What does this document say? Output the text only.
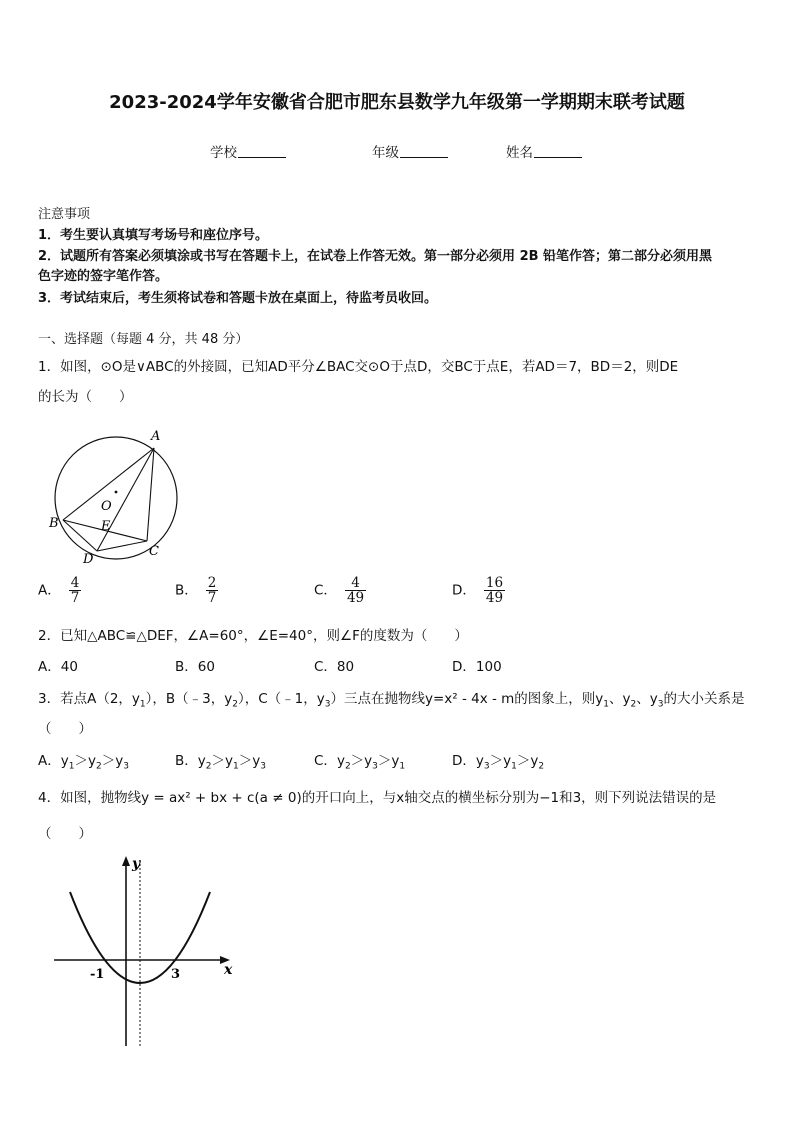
2023-2024学年安徽省合肥市肥东县数学九年级第一学期期末联考试题
学校	年级	姓名
注意事项
1．考生要认真填写考场号和座位序号。
2．试题所有答案必须填涂或书写在答题卡上，在试卷上作答无效。第一部分必须用 2B 铅笔作答；第二部分必须用黑
色字迹的签字笔作答。
3．考试结束后，考生须将试卷和答题卡放在桌面上，待监考员收回。
一、选择题（每题 4 分，共 48 分）
1．如图，⊙O是∨ABC的外接圆，已知AD平分∠BAC交⊙O于点D，交BC于点E，若AD＝7，BD＝2，则DE
的长为（　　）
A
B
C
D
E
O
A． $\frac{4}{7}$	B． $\frac{2}{7}$	C． $\frac{4}{49}$	D． $\frac{16}{49}$
2．已知△ABC≌△DEF，∠A=60°，∠E=40°，则∠F的度数为（　　）
A．40	B．60	C．80	D．100
3．若点A（2，$y_1$），B（﹣3，$y_2$），C（﹣1，$y_3$）三点在抛物线y=x² - 4x - m的图象上，则$y_1$、$y_2$、$y_3$的大小关系是
（　　）
A．$y_1>y_2>y_3$	B．$y_2>y_1>y_3$	C．$y_2>y_3>y_1$	D．$y_3>y_1>y_2$
4．如图，抛物线y = ax² + bx + c(a ≠ 0)的开口向上，与x轴交点的横坐标分别为−1和3，则下列说法错误的是
（　　）
y
x
-1	3
